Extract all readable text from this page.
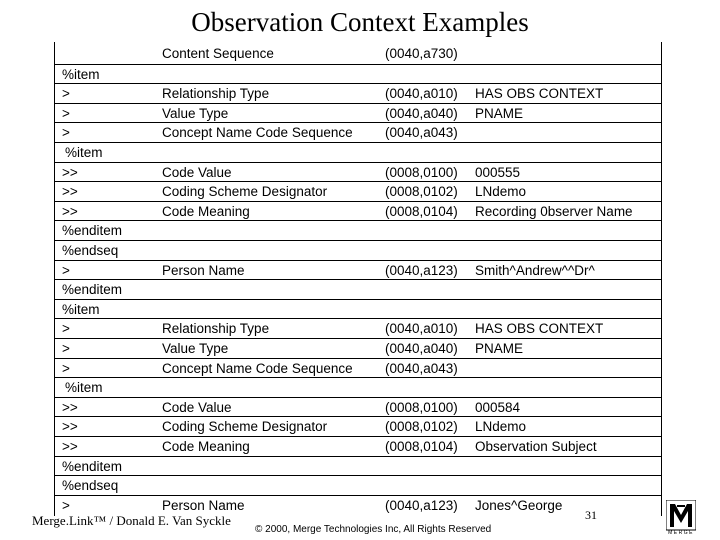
Observation Context Examples
Content Sequence	(0040,a730)
%item
>	Relationship Type	(0040,a010) HAS OBS CONTEXT
>	Value Type	(0040,a040) PNAME
>	Concept Name Code Sequence (0040,a043)
%item
>>	Code Value	(0008,0100) 000555
>>	Coding Scheme Designator	(0008,0102) LNdemo
>>	Code Meaning	(0008,0104) Recording 0bserver Name
%enditem
%endseq
>	Person Name	(0040,a123) Smith^Andrew^^Dr^
%enditem
%item
>	Relationship Type	(0040,a010) HAS OBS CONTEXT
>	Value Type	(0040,a040) PNAME
>	Concept Name Code Sequence (0040,a043)
%item
>>	Code Value	(0008,0100) 000584
>>	Coding Scheme Designator	(0008,0102) LNdemo
>>	Code Meaning	(0008,0104) Observation Subject
%enditem
%endseq
>	Person Name	(0040,a123) Jones^George
Merge.Link™ / Donald E. Van Syckle
© 2000, Merge Technologies Inc, All Rights Reserved
31
MERGE
